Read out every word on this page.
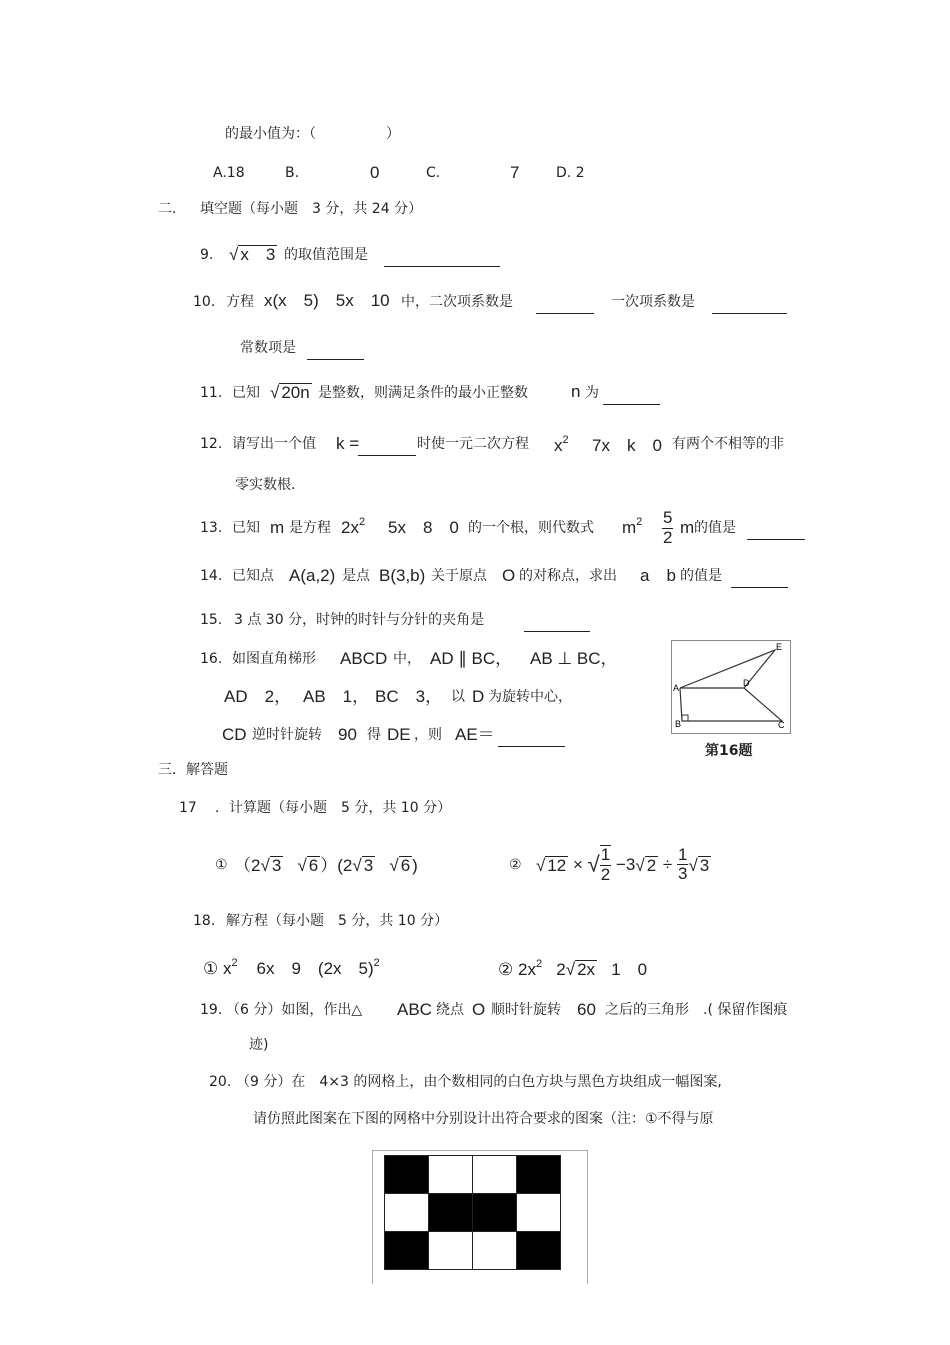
的最小值为：（　　　　　）
A.18	B.	0	C.	7	D. 2
二. 填空题（每小题　3 分，共 24 分）
9. √ x　3 的取值范围是
10. 方程 x(x　5)　5x　10 中，二次项系数是	一次项系数是
常数项是
11. 已知 √ 20n 是整数，则满足条件的最小正整数	n 为
12. 请写出一个值 k =	时使一元二次方程 $x^2$ 7x　k　0 有两个不相等的非
零实数根.
13. 已知 m 是方程 $2x^2$ 5x　8　0 的一个根，则代数式 $m^2 \frac{5}{2}$ m 的值是
14. 已知点 A(a,2) 是点 B(3,b) 关于原点 O 的对称点，求出 a　b 的值是
15. 3 点 30 分，时钟的时针与分针的夹角是
16. 如图直角梯形 ABCD 中， AD ∥ BC， AB ⊥ BC，
AD　2， AB　1， BC　3， 以 D 为旋转中心，
CD 逆时针旋转 90 得 DE ，则 AE＝
E
A	D
B	C
第16题
三．解答题
17 ．计算题（每小题　5 分，共 10 分）
① （2√ 3   √ 6 ）(2√ 3   √ 6 )	② √ 12 × √ $\frac{1}{2} -3√$ $2 \div \frac{1}{3}$ √ 3
18. 解方程（每小题　5 分，共 10 分）
① $x^2$ 6x　9　(2x　5)$^2$	② $2x^2$ 2√ 2x 1　0
19. （6 分）如图，作出△ ABC 绕点 O 顺时针旋转 60 之后的三角形　.( 保留作图痕
迹)
20. （9 分）在　4×3 的网格上，由个数相同的白色方块与黑色方块组成一幅图案,
请仿照此图案在下图的网格中分别设计出符合要求的图案（注：①不得与原
